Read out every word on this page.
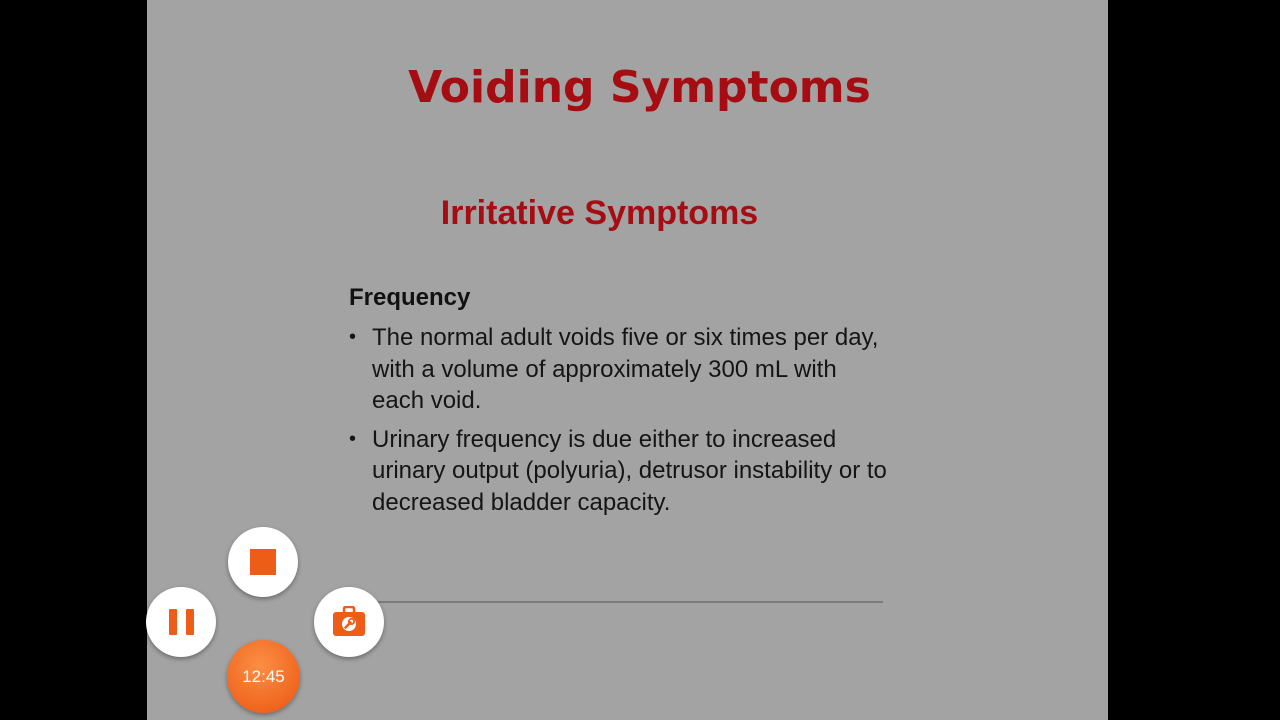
Voiding Symptoms
Irritative Symptoms
Frequency
• The normal adult voids five or six times per day, with a volume of approximately 300 mL with each void.
• Urinary frequency is due either to increased urinary output (polyuria), detrusor instability or to decreased bladder capacity.
12:45
